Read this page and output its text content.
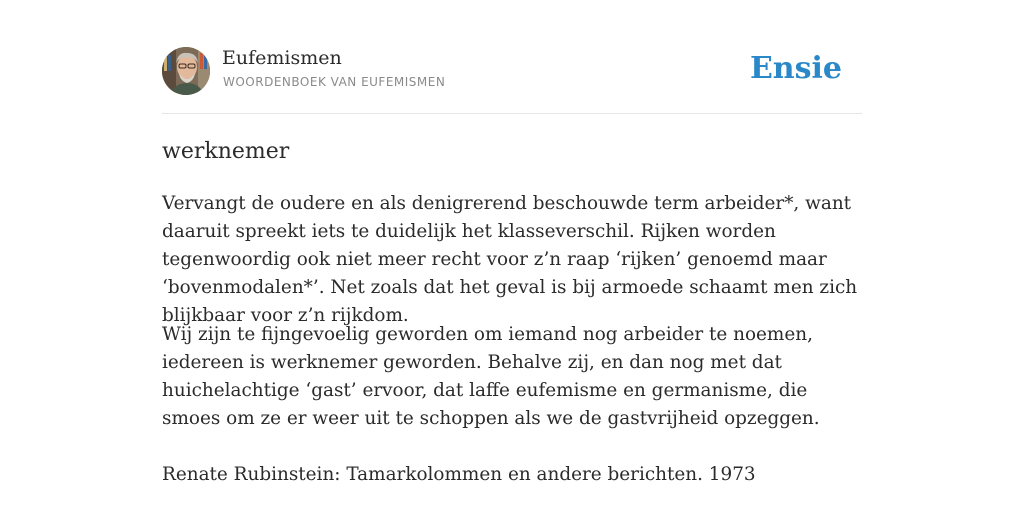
Eufemismen
WOORDENBOEK VAN EUFEMISMEN	Ensie
werknemer

Vervangt de oudere en als denigrerend beschouwde term arbeider*, want daaruit spreekt iets te duidelijk het klasseverschil. Rijken worden tegenwoordig ook niet meer recht voor z’n raap ‘rijken’ genoemd maar ‘bovenmodalen*’. Net zoals dat het geval is bij armoede schaamt men zich blijkbaar voor z’n rijkdom.

Wij zijn te fijngevoelig geworden om iemand nog arbeider te noemen, iedereen is werknemer geworden. Behalve zij, en dan nog met dat huichelachtige ‘gast’ ervoor, dat laffe eufemisme en germanisme, die smoes om ze er weer uit te schoppen als we de gastvrijheid opzeggen.

Renate Rubinstein: Tamarkolommen en andere berichten. 1973
